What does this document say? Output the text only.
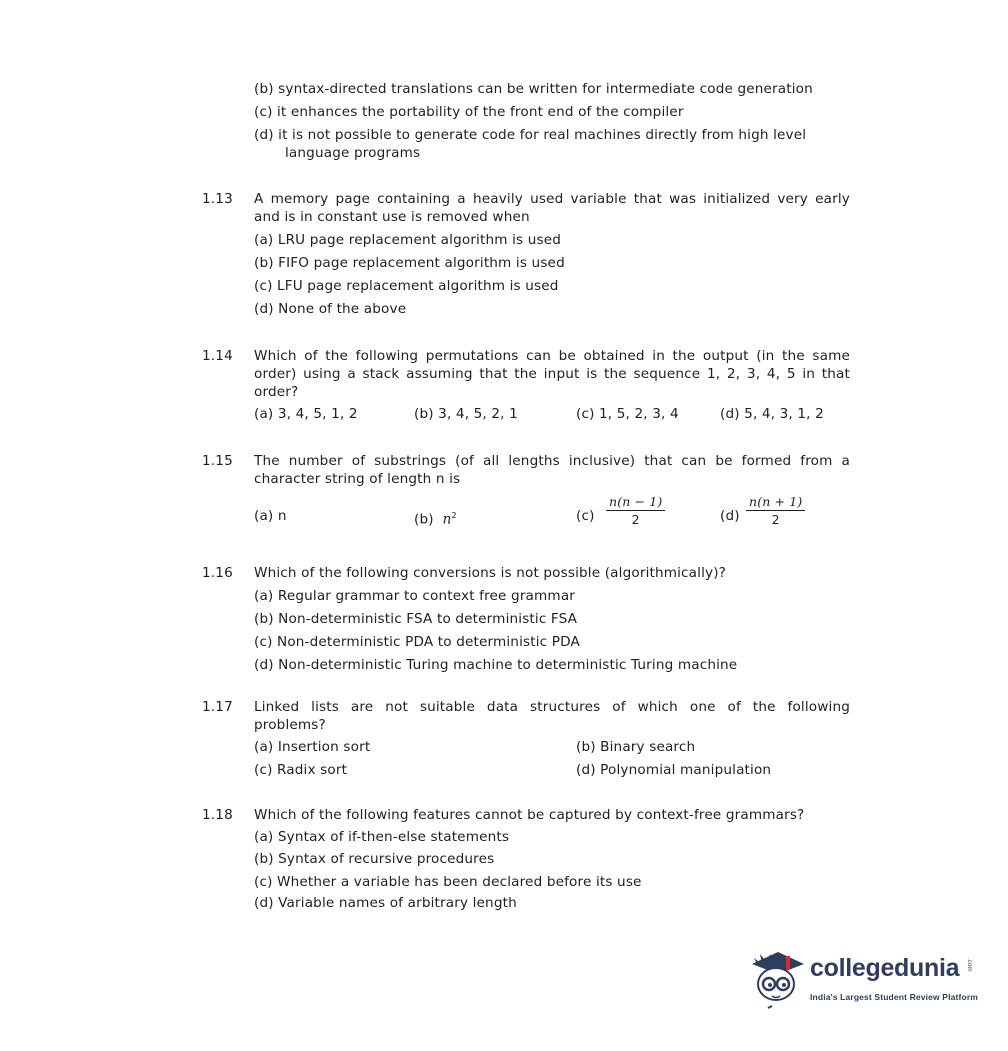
(b) syntax-directed translations can be written for intermediate code generation
(c) it enhances the portability of the front end of the compiler
(d) it is not possible to generate code for real machines directly from high level
language programs
1.13 A memory page containing a heavily used variable that was initialized very early
and is in constant use is removed when
(a) LRU page replacement algorithm is used
(b) FIFO page replacement algorithm is used
(c) LFU page replacement algorithm is used
(d) None of the above
1.14 Which of the following permutations can be obtained in the output (in the same
order) using a stack assuming that the input is the sequence 1, 2, 3, 4, 5 in that
order?
(a) 3, 4, 5, 1, 2	(b) 3, 4, 5, 2, 1	(c) 1, 5, 2, 3, 4	(d) 5, 4, 3, 1, 2
1.15 The number of substrings (of all lengths inclusive) that can be formed from a
character string of length n is
(a) n	(b) $n^2$	$(c) \frac{n(n - 1)}{2}$	$(d) \frac{n(n + 1)}{2}$
1.16 Which of the following conversions is not possible (algorithmically)?
(a) Regular grammar to context free grammar
(b) Non-deterministic FSA to deterministic FSA
(c) Non-deterministic PDA to deterministic PDA
(d) Non-deterministic Turing machine to deterministic Turing machine
1.17 Linked lists are not suitable data structures of which one of the following
problems?
(a) Insertion sort	(b) Binary search
(c) Radix sort	(d) Polynomial manipulation
1.18 Which of the following features cannot be captured by context-free grammars?
(a) Syntax of if-then-else statements
(b) Syntax of recursive procedures
(c) Whether a variable has been declared before its use
(d) Variable names of arbitrary length
collegedunia .com
India's Largest Student Review Platform
